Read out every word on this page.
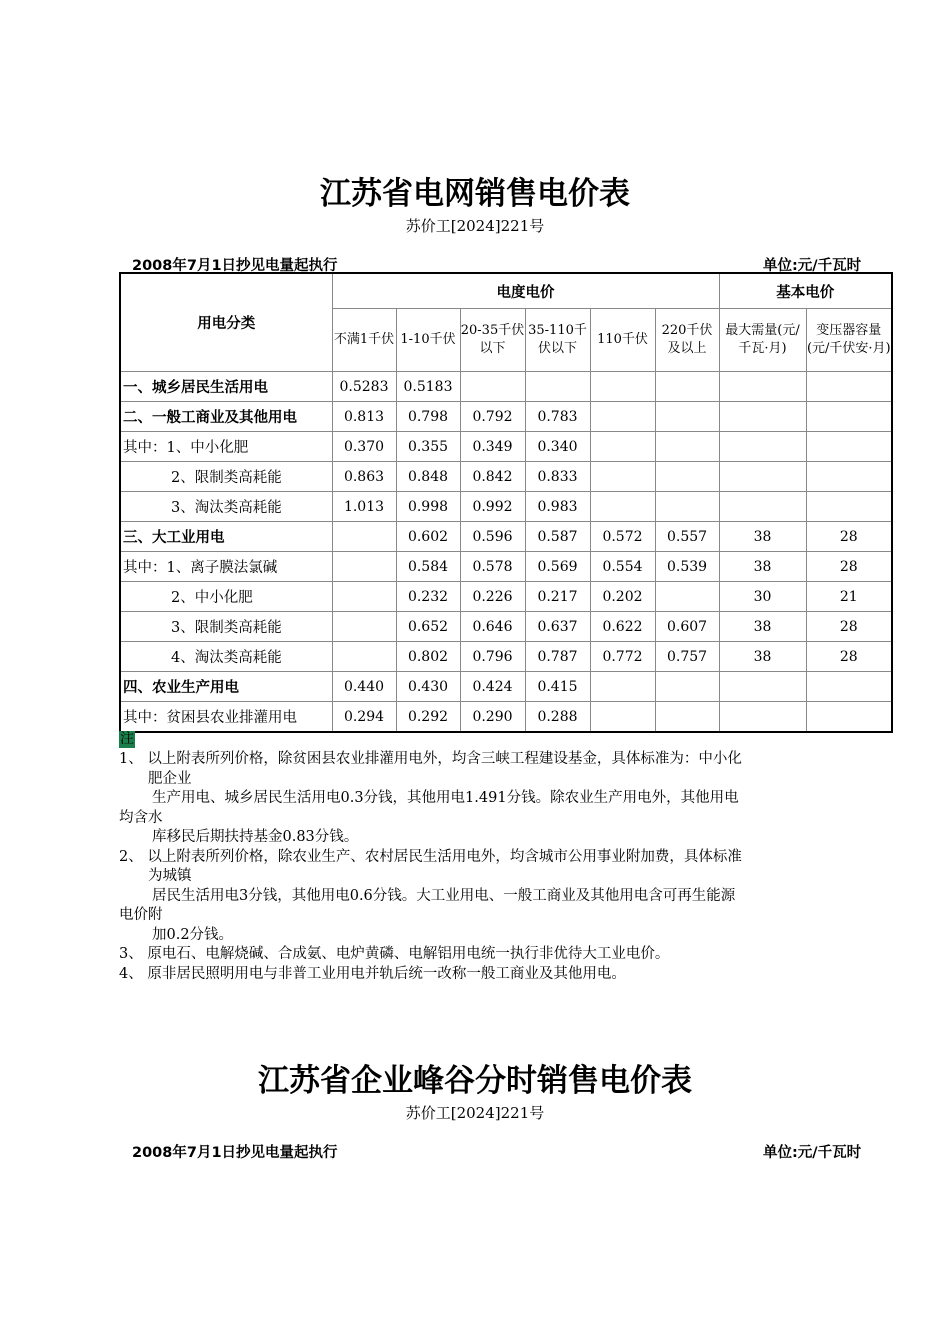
江苏省电网销售电价表
苏价工[2024]221号
2008年7月1日抄见电量起执行	单位:元/千瓦时
用电分类	电度电价						基本电价	
	不满1千伏	1-10千伏	20-35千伏以下	35-110千伏以下	110千伏	220千伏及以上	最大需量(元/千瓦·月)	变压器容量(元/千伏安·月)
一、城乡居民生活用电	0.5283	0.5183						
二、一般工商业及其他用电	0.813	0.798	0.792	0.783				
其中：1、中小化肥	0.370	0.355	0.349	0.340				
2、限制类高耗能	0.863	0.848	0.842	0.833				
3、淘汰类高耗能	1.013	0.998	0.992	0.983				
三、大工业用电		0.602	0.596	0.587	0.572	0.557	38	28
其中：1、离子膜法氯碱		0.584	0.578	0.569	0.554	0.539	38	28
2、中小化肥		0.232	0.226	0.217	0.202		30	21
3、限制类高耗能		0.652	0.646	0.637	0.622	0.607	38	28
4、淘汰类高耗能		0.802	0.796	0.787	0.772	0.757	38	28
四、农业生产用电	0.440	0.430	0.424	0.415				
其中：贫困县农业排灌用电	0.294	0.292	0.290	0.288				
注
1、 以上附表所列价格，除贫困县农业排灌用电外，均含三峡工程建设基金，具体标准为：中小化
肥企业
生产用电、城乡居民生活用电0.3分钱，其他用电1.491分钱。除农业生产用电外，其他用电
均含水
库移民后期扶持基金0.83分钱。
2、 以上附表所列价格，除农业生产、农村居民生活用电外，均含城市公用事业附加费，具体标准
为城镇
居民生活用电3分钱，其他用电0.6分钱。大工业用电、一般工商业及其他用电含可再生能源
电价附
加0.2分钱。
3、 原电石、电解烧碱、合成氨、电炉黄磷、电解铝用电统一执行非优待大工业电价。
4、 原非居民照明用电与非普工业用电并轨后统一改称一般工商业及其他用电。
江苏省企业峰谷分时销售电价表
苏价工[2024]221号
2008年7月1日抄见电量起执行	单位:元/千瓦时
